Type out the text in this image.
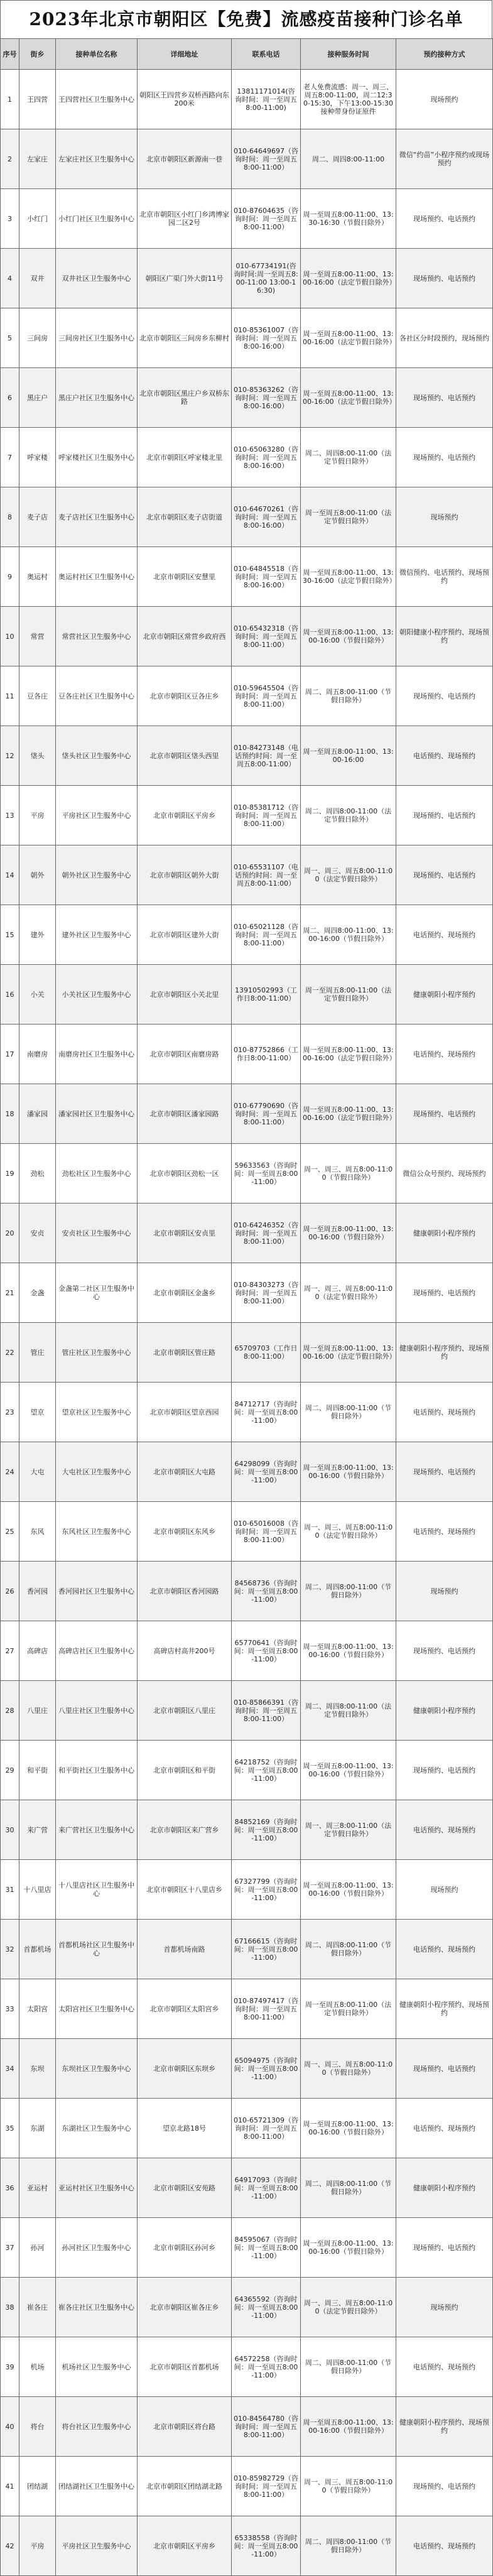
2023年北京市朝阳区【免费】流感疫苗接种门诊名单
序号	街乡	接种单位名称	详细地址	联系电话	接种服务时间	预约接种方式
1	王四营	王四营社区卫生服务中心	朝阳区王四营乡双桥西路向东200米	13811171014(咨询时间：周一至周五8:00-11:00)	老人免费流感：周一、周三、周五8:00-11:00，周二12:30-15:30，下午13:00-15:30接种带身份证原件	现场预约
2	左家庄	左家庄社区卫生服务中心	北京市朝阳区新源南一巷	010-64649697（咨询时间：周一至周五 8:00-11:00）	周二、周四8:00-11:00	微信“约苗”小程序预约或现场预约
3	小红门	小红门社区卫生服务中心	北京市朝阳区小红门乡鸿博家园二区2号	010-87604635（咨询时间：周一至周五 8:00-11:00）	周一至周五8:00-11:00、13:30-16:30（节假日除外）	现场预约、电话预约
4	双井	双井社区卫生服务中心	朝阳区广渠门外大街11号	010-67734191(咨询时间:周一至周五8:00-11:00 13:00-16:30)	周一至周五8:00-11:00、13:00-16:00（法定节假日除外）	现场预约、电话预约
5	三间房	三间房社区卫生服务中心	北京市朝阳区三间房乡东柳村	010-85361007（咨询时间：周一至周五8:00-16:00）	周一至周五8:00-11:00、13:00-16:00（法定节假日除外）	各社区分时段预约，现场预约
6	黑庄户	黑庄户社区卫生服务中心	北京市朝阳区黑庄户乡双桥东路	010-85363262（咨询时间：周一至周五8:00-16:00）	周一至周五8:00-11:00、13:00-16:00（法定节假日除外）	现场预约、电话预约
7	呼家楼	呼家楼社区卫生服务中心	北京市朝阳区呼家楼北里	010-65063280（咨询时间：周一至周五8:00-16:00）	周二、周四8:00-11:00（法定节假日除外）	现场预约、电话预约
8	麦子店	麦子店社区卫生服务中心	北京市朝阳区麦子店街道	010-64670261（咨询时间：周一至周五8:00-16:00）	周一至周五8:00-11:00（法定节假日除外）	现场预约
9	奥运村	奥运村社区卫生服务中心	北京市朝阳区安慧里	010-64845518（咨询时间：周一至周五8:00-16:00）	周一至周五8:00-11:00、13:30-16:00（法定节假日除外）	微信预约、电话预约、现场预约
10	常营	常营社区卫生服务中心	北京市朝阳区常营乡政府西	010-65432318（咨询时间：周一至周五8:00-11:00）	周一至周五8:00-11:00、13:00-16:00（节假日除外）	朝阳健康小程序预约、现场预约
11	豆各庄	豆各庄社区卫生服务中心	北京市朝阳区豆各庄乡	010-59645504（咨询时间：周一至周五8:00-11:00）	周二、周五8:00-11:00（节假日除外）	现场预约、电话预约
12	垡头	垡头社区卫生服务中心	北京市朝阳区垡头西里	010-84273148（电话预约时间：周一至周五8:00-11:00）	周一至周五8:00-11:00、13:00-16:00	电话预约、现场预约
13	平房	平房社区卫生服务中心	北京市朝阳区平房乡	010-85381712（咨询时间：周一至周五8:00-11:00）	周二、周四8:00-11:00（法定节假日除外）	现场预约、电话预约
14	朝外	朝外社区卫生服务中心	北京市朝阳区朝外大街	010-65531107（电话预约时间：周一至周五8:00-11:00）	周一、周三、周五8:00-11:00（法定节假日除外）	现场预约、电话预约
15	建外	建外社区卫生服务中心	北京市朝阳区建外大街	010-65021128（咨询时间：周一至周五8:00-11:00）	周二、周四8:00-11:00、13:00-16:00（节假日除外）	电话预约、现场预约
16	小关	小关社区卫生服务中心	北京市朝阳区小关北里	13910502993（工作日8:00-11:00）	周一至周五8:00-11:00（法定节假日除外）	健康朝阳小程序预约
17	南磨房	南磨房社区卫生服务中心	北京市朝阳区南磨房路	010-87752866（工作日8:00-11:00）	周一至周五8:00-11:00、13:00-16:00（法定节假日除外）	电话预约、现场预约
18	潘家园	潘家园社区卫生服务中心	北京市朝阳区潘家园路	010-67790690（咨询时间：周一至周五8:00-11:00）	周一至周五8:00-11:00、13:00-16:00（法定节假日除外）	现场预约、电话预约
19	劲松	劲松社区卫生服务中心	北京市朝阳区劲松一区	59633563（咨询时间：周一至周五8:00-11:00）	周一、周三、周五8:00-11:00（节假日除外）	微信公众号预约、现场预约
20	安贞	安贞社区卫生服务中心	北京市朝阳区安贞里	010-64246352（咨询时间：周一至周五8:00-11:00）	周一至周五8:00-11:00、13:00-16:00（节假日除外）	健康朝阳小程序预约
21	金盏	金盏第二社区卫生服务中心	北京市朝阳区金盏乡	010-84303273（咨询时间：周一至周五8:00-11:00）	周一、周三、周五8:00-11:00（法定节假日除外）	现场预约、电话预约
22	管庄	管庄社区卫生服务中心	北京市朝阳区管庄路	65709703（工作日8:00-11:00）	周一至周五8:00-11:00、13:00-16:00（法定节假日除外）	健康朝阳小程序预约、现场预约
23	望京	望京社区卫生服务中心	北京市朝阳区望京西园	84712717（咨询时间：周一至周五8:00-11:00）	周二、周四8:00-11:00（节假日除外）	电话预约、现场预约
24	大屯	大屯社区卫生服务中心	北京市朝阳区大屯路	64298099（咨询时间：周一至周五8:00-11:00）	周一至周五8:00-11:00、13:00-16:00（节假日除外）	现场预约、电话预约
25	东风	东风社区卫生服务中心	北京市朝阳区东风乡	010-65016008（咨询时间：周一至周五8:00-11:00）	周一、周三、周五8:00-11:00（法定节假日除外）	电话预约、现场预约
26	香河园	香河园社区卫生服务中心	北京市朝阳区香河园路	84568736（咨询时间：周一至周五8:00-11:00）	周二、周四8:00-11:00（节假日除外）	现场预约
27	高碑店	高碑店社区卫生服务中心	高碑店村高井200号	65770641（咨询时间：周一至周五8:00-11:00）	周一至周五8:00-11:00、13:00-16:00（节假日除外）	现场预约、电话预约
28	八里庄	八里庄社区卫生服务中心	北京市朝阳区八里庄	010-85866391（咨询时间：周一至周五8:00-11:00）	周二、周四8:00-11:00（法定节假日除外）	健康朝阳小程序预约
29	和平街	和平街社区卫生服务中心	北京市朝阳区和平街	64218752（咨询时间：周一至周五8:00-11:00）	周一至周五8:00-11:00、13:00-16:00（节假日除外）	现场预约、电话预约
30	来广营	来广营社区卫生服务中心	北京市朝阳区来广营乡	84852169（咨询时间：周一至周五8:00-11:00）	周一、周三8:00-11:00（法定节假日除外）	电话预约、现场预约
31	十八里店	十八里店社区卫生服务中心	北京市朝阳区十八里店乡	67327799（咨询时间：周一至周五8:00-11:00）	周一至周五8:00-11:00、13:00-16:00（节假日除外）	现场预约
32	首都机场	首都机场社区卫生服务中心	首都机场南路	67166615（咨询时间：周一至周五8:00-11:00）	周二、周四8:00-11:00（节假日除外）	电话预约、现场预约
33	太阳宫	太阳宫社区卫生服务中心	北京市朝阳区太阳宫乡	010-87497417（咨询时间：周一至周五8:00-11:00）	周一至周五8:00-11:00（法定节假日除外）	健康朝阳小程序预约、现场预约
34	东坝	东坝社区卫生服务中心	北京市朝阳区东坝乡	65094975（咨询时间：周一至周五8:00-11:00）	周一、周三、周五8:00-11:00（节假日除外）	现场预约、电话预约
35	东湖	东湖社区卫生服务中心	望京北路18号	010-65721309（咨询时间：周一至周五8:00-11:00）	周一至周五8:00-11:00、13:00-16:00（节假日除外）	电话预约、现场预约
36	亚运村	亚运村社区卫生服务中心	北京市朝阳区安苑路	64917093（咨询时间：周一至周五8:00-11:00）	周二、周四8:00-11:00（节假日除外）	健康朝阳小程序预约
37	孙河	孙河社区卫生服务中心	北京市朝阳区孙河乡	84595067（咨询时间：周一至周五8:00-11:00）	周一至周五8:00-11:00、13:00-16:00（节假日除外）	现场预约、电话预约
38	崔各庄	崔各庄社区卫生服务中心	北京市朝阳区崔各庄乡	64365592（咨询时间：周一至周五8:00-11:00）	周一、周三、周五8:00-11:00（法定节假日除外）	现场预约
39	机场	机场社区卫生服务中心	北京市朝阳区首都机场	64572258（咨询时间：周一至周五8:00-11:00）	周二、周四8:00-11:00（节假日除外）	电话预约、现场预约
40	将台	将台社区卫生服务中心	北京市朝阳区将台路	010-84564780（咨询时间：周一至周五8:00-11:00）	周一至周五8:00-11:00、13:00-16:00（节假日除外）	健康朝阳小程序预约、现场预约
41	团结湖	团结湖社区卫生服务中心	北京市朝阳区团结湖北路	010-85982729（咨询时间：周一至周五8:00-11:00）	周一、周三、周五8:00-11:00（节假日除外）	现场预约、电话预约
42	平房	平房社区卫生服务中心	北京市朝阳区平房乡	65338558（咨询时间：周一至周五8:00-11:00）	周二、周四8:00-11:00（节假日除外）	电话预约、现场预约
